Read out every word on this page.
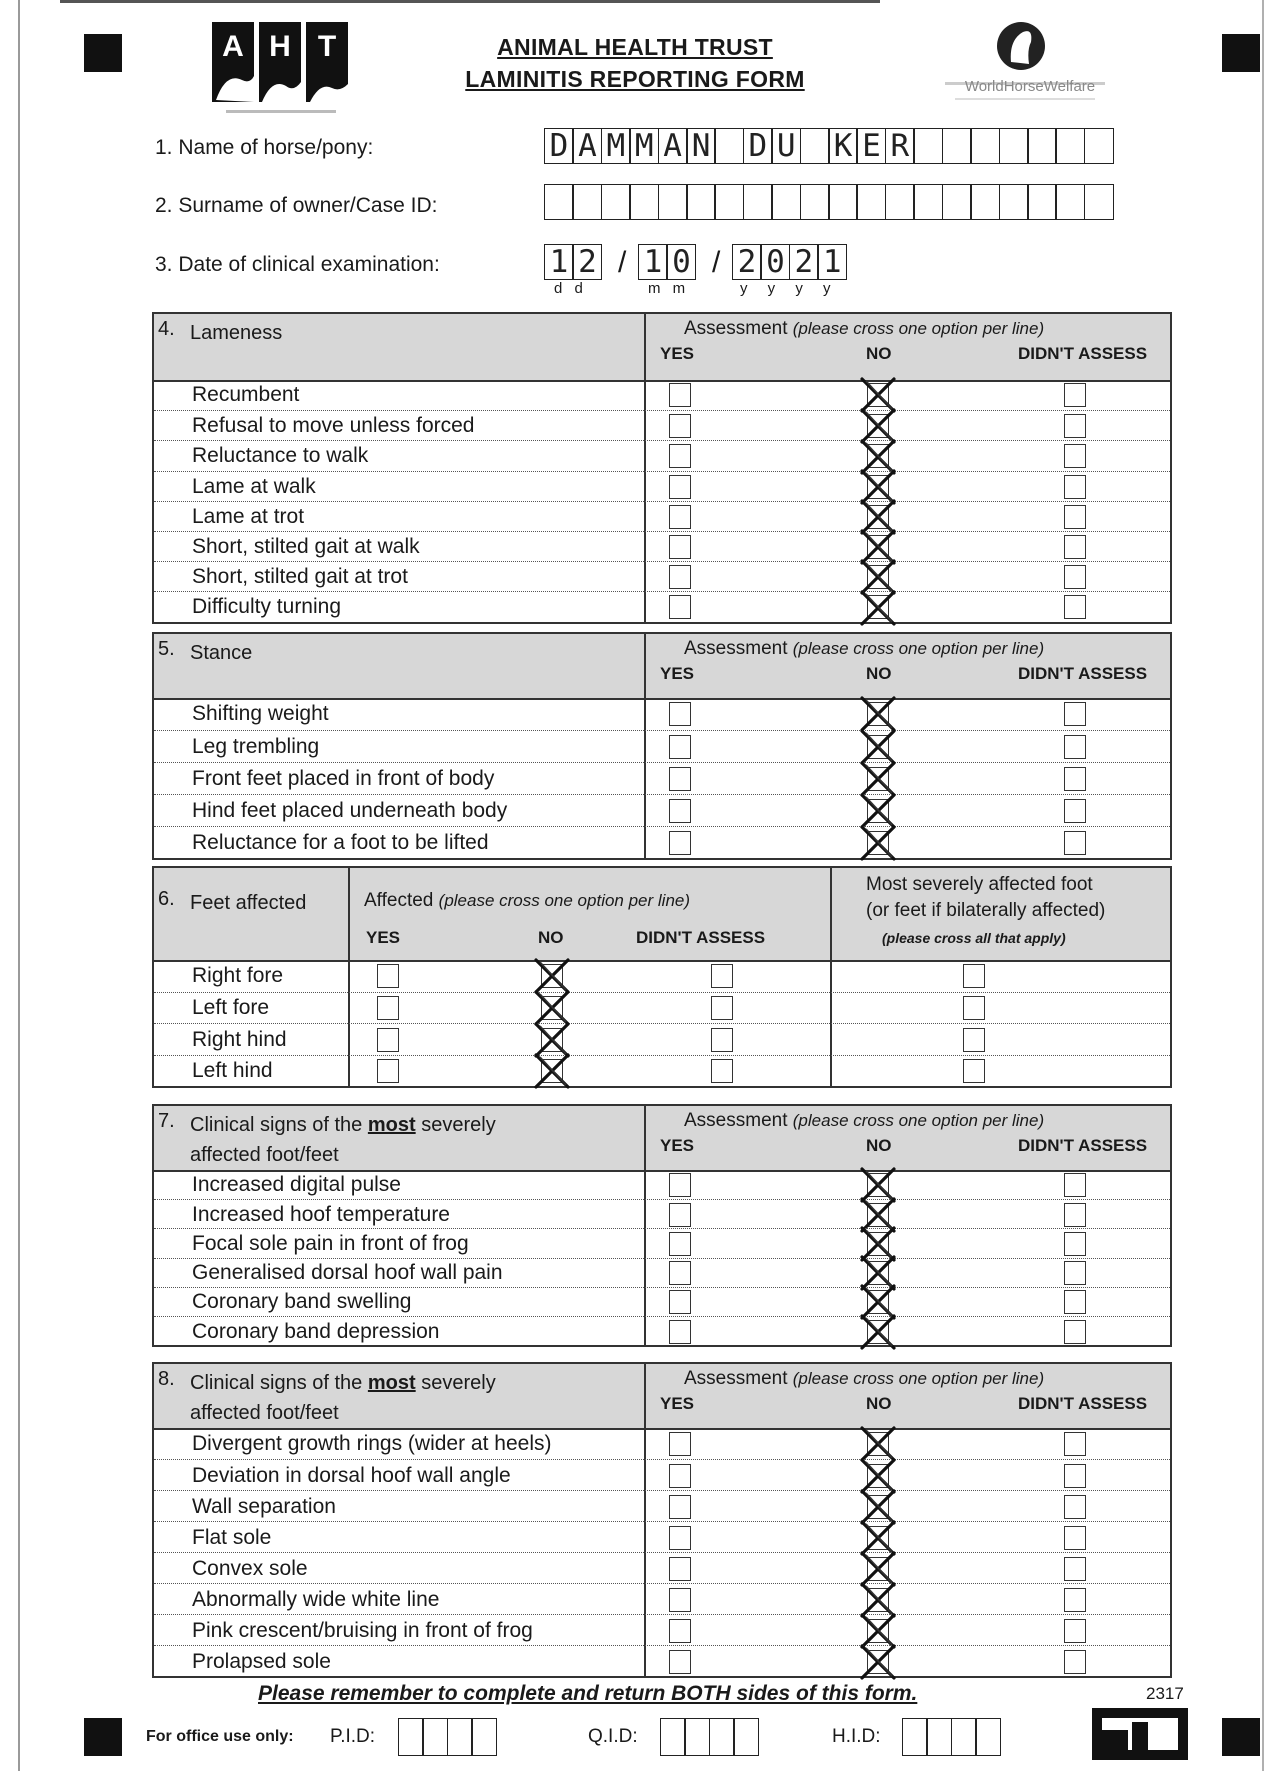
A H T	ANIMAL HEALTH TRUST
LAMINITIS REPORTING FORM	WorldHorseWelfare
1. Name of horse/pony:	D A M M A N D U K E R
2. Surname of owner/Case ID:
3. Date of clinical examination:	1 2 / 1 0 / 2 0 2 1
d d	m m	y y y y
4. Lameness	Assessment (please cross one option per line)
YES	NO	DIDN'T ASSESS
Recumbent
Refusal to move unless forced
Reluctance to walk
Lame at walk
Lame at trot
Short, stilted gait at walk
Short, stilted gait at trot
Difficulty turning
5. Stance	Assessment (please cross one option per line)
YES	NO	DIDN'T ASSESS
Shifting weight
Leg trembling
Front feet placed in front of body
Hind feet placed underneath body
Reluctance for a foot to be lifted
7. Clinical signs of the most severely
affected foot/feet
Assessment (please cross one option per line)
YES	NO	DIDN'T ASSESS
Increased digital pulse
Increased hoof temperature
Focal sole pain in front of frog
Generalised dorsal hoof wall pain
Coronary band swelling
Coronary band depression
8. Clinical signs of the most severely
affected foot/feet
Assessment (please cross one option per line)
YES	NO	DIDN'T ASSESS
Divergent growth rings (wider at heels)
Deviation in dorsal hoof wall angle
Wall separation
Flat sole
Convex sole
Abnormally wide white line
Pink crescent/bruising in front of frog
Prolapsed sole
6. Feet affected	Affected (please cross one option per line)
YES	NO	DIDN'T ASSESS
Most severely affected foot
(or feet if bilaterally affected)
(please cross all that apply)
Right fore
Left fore
Right hind
Left hind
Please remember to complete and return BOTH sides of this form.	2317
For office use only: P.I.D:	Q.I.D:	H.I.D:
